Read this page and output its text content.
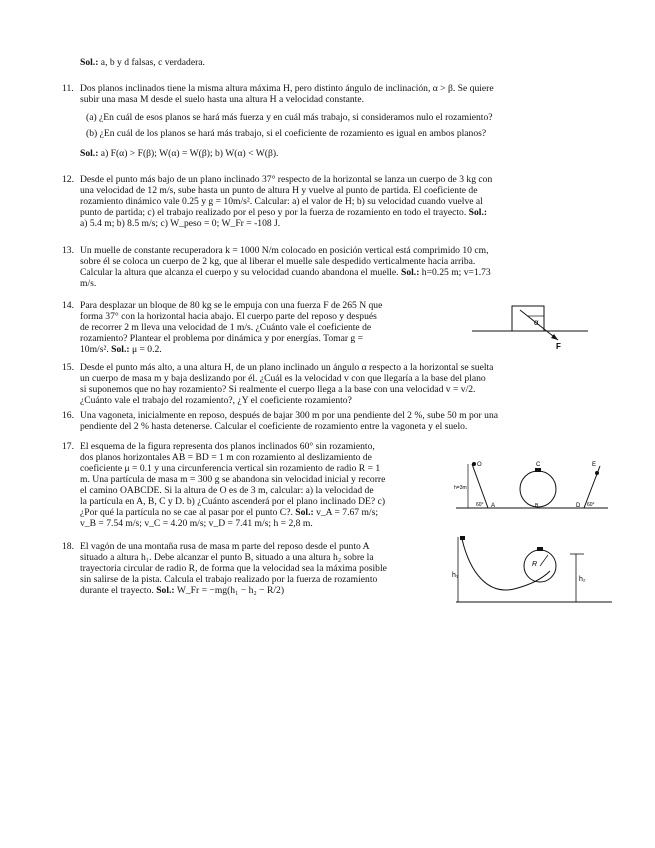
Sol.: a, b y d falsas, c verdadera.
11. Dos planos inclinados tiene la misma altura máxima H, pero distinto ángulo de inclinación, α > β. Se quiere
subir una masa M desde el suelo hasta una altura H a velocidad constante.
(a) ¿En cuál de esos planos se hará más fuerza y en cuál más trabajo, si consideramos nulo el rozamiento?
(b) ¿En cuál de los planos se hará más trabajo, si el coeficiente de rozamiento es igual en ambos planos?
Sol.: a) F(α) > F(β); W(α) = W(β); b) W(α) < W(β).
12. Desde el punto más bajo de un plano inclinado 37° respecto de la horizontal se lanza un cuerpo de 3 kg con
una velocidad de 12 m/s, sube hasta un punto de altura H y vuelve al punto de partida. El coeficiente de
rozamiento dinámico vale 0.25 y g = 10m/s². Calcular: a) el valor de H; b) su velocidad cuando vuelve al
punto de partida; c) el trabajo realizado por el peso y por la fuerza de rozamiento en todo el trayecto. Sol.:
a) 5.4 m; b) 8.5 m/s; c) W_peso = 0; W_Fr = -108 J.
13. Un muelle de constante recuperadora k = 1000 N/m colocado en posición vertical está comprimido 10 cm,
sobre él se coloca un cuerpo de 2 kg, que al liberar el muelle sale despedido verticalmente hacia arriba.
Calcular la altura que alcanza el cuerpo y su velocidad cuando abandona el muelle. Sol.: h=0.25 m; v=1.73
m/s.
14. Para desplazar un bloque de 80 kg se le empuja con una fuerza F de 265 N que
forma 37° con la horizontal hacia abajo. El cuerpo parte del reposo y después
de recorrer 2 m lleva una velocidad de 1 m/s. ¿Cuánto vale el coeficiente de
rozamiento? Plantear el problema por dinámica y por energías. Tomar g =
10m/s². Sol.: μ = 0.2.
α
F
15. Desde el punto más alto, a una altura H, de un plano inclinado un ángulo α respecto a la horizontal se suelta
un cuerpo de masa m y baja deslizando por él. ¿Cuál es la velocidad v con que llegaría a la base del plano
si suponemos que no hay rozamiento? Si realmente el cuerpo llega a la base con una velocidad v = v/2.
¿Cuánto vale el trabajo del rozamiento?, ¿Y el coeficiente rozamiento?
16. Una vagoneta, inicialmente en reposo, después de bajar 300 m por una pendiente del 2 %, sube 50 m por una
pendiente del 2 % hasta detenerse. Calcular el coeficiente de rozamiento entre la vagoneta y el suelo.
17. El esquema de la figura representa dos planos inclinados 60° sin rozamiento,
dos planos horizontales AB = BD = 1 m con rozamiento al deslizamiento de
coeficiente μ = 0.1 y una circunferencia vertical sin rozamiento de radio R = 1
m. Una partícula de masa m = 300 g se abandona sin velocidad inicial y recorre
el camino OABCDE. Si la altura de O es de 3 m, calcular: a) la velocidad de
la partícula en A, B, C y D. b) ¿Cuánto ascenderá por el plano inclinado DE? c)
¿Por qué la partícula no se cae al pasar por el punto C?. Sol.: v_A = 7.67 m/s;
v_B = 7.54 m/s; v_C = 4.20 m/s; v_D = 7.41 m/s; h = 2,8 m.
O
h=3m
60° A
C
B
E
D 60°
18. El vagón de una montaña rusa de masa m parte del reposo desde el punto A
situado a altura h₁. Debe alcanzar el punto B, situado a una altura h₂ sobre la
trayectoria circular de radio R, de forma que la velocidad sea la máxima posible
sin salirse de la pista. Calcula el trabajo realizado por la fuerza de rozamiento
durante el trayecto. Sol.: W_Fr = −mg(h₁ − h₂ − R/2)
h₁
R
h₂
